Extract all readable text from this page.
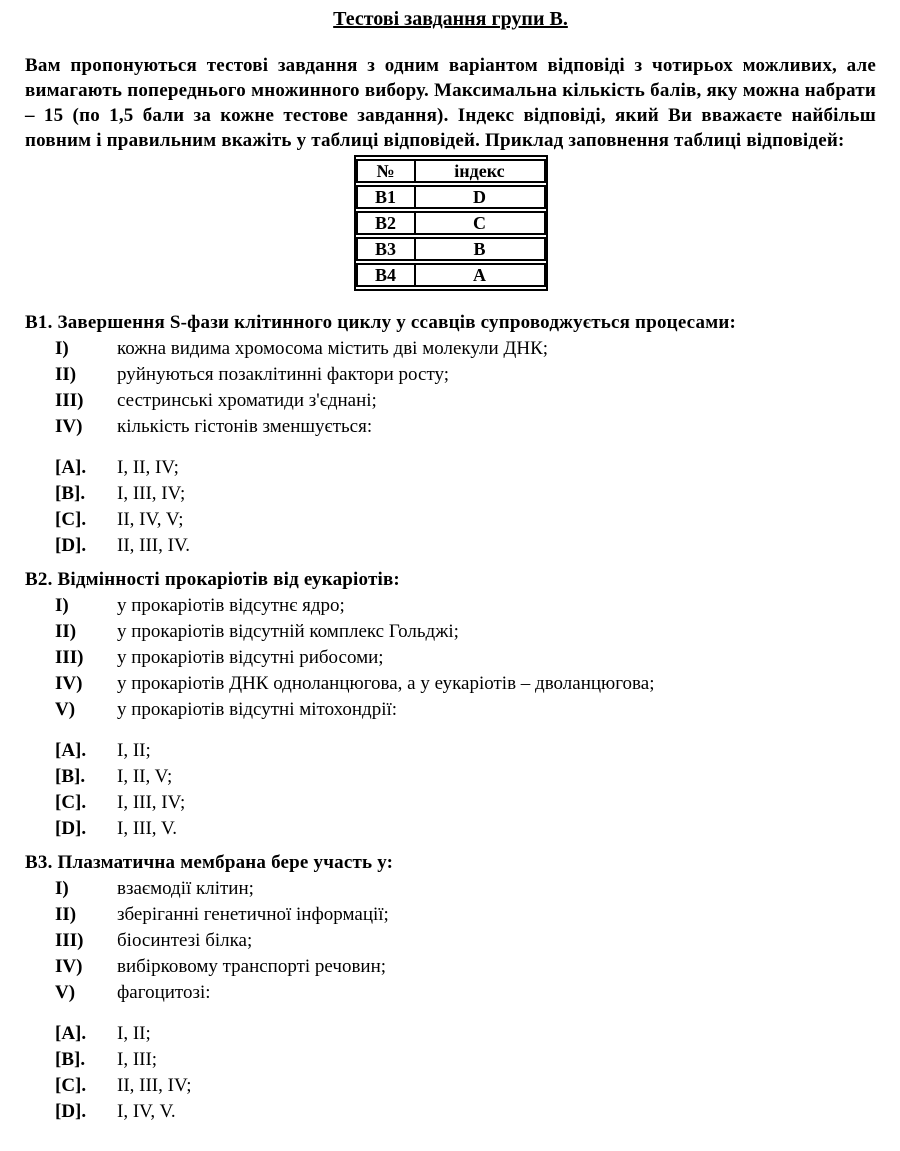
Тестові завдання групи В.

Вам пропонуються тестові завдання з одним варіантом відповіді з чотирьох можливих, але вимагають попереднього множинного вибору. Максимальна кількість балів, яку можна набрати – 15 (по 1,5 бали за кожне тестове завдання). Індекс відповіді, який Ви вважаєте найбільш повним і правильним вкажіть у таблиці відповідей. Приклад заповнення таблиці відповідей:

№	індекс
В1	D
В2	C
В3	B
В4	A
В1. Завершення S-фази клітинного циклу у ссавців супроводжується процесами:
I)	кожна видима хромосома містить дві молекули ДНК;
II)	руйнуються позаклітинні фактори росту;
III)	сестринські хроматиди з'єднані;
IV)	кількість гістонів зменшується:
[A].	I, II, IV;
[B].	I, III, IV;
[C].	II, IV, V;
[D].	II, III, IV.
В2. Відмінності прокаріотів від еукаріотів:
I)	у прокаріотів відсутнє ядро;
II)	у прокаріотів відсутній комплекс Гольджі;
III)	у прокаріотів відсутні рибосоми;
IV)	у прокаріотів ДНК одноланцюгова, а у еукаріотів – дволанцюгова;
V)	у прокаріотів відсутні мітохондрії:
[A].	I, II;
[B].	I, II, V;
[C].	I, III, IV;
[D].	I, III, V.
В3. Плазматична мембрана бере участь у:
I)	взаємодії клітин;
II)	зберіганні генетичної інформації;
III)	біосинтезі білка;
IV)	вибірковому транспорті речовин;
V)	фагоцитозі:
[A].	I, II;
[B].	I, III;
[C].	II, III, IV;
[D].	I, IV, V.
